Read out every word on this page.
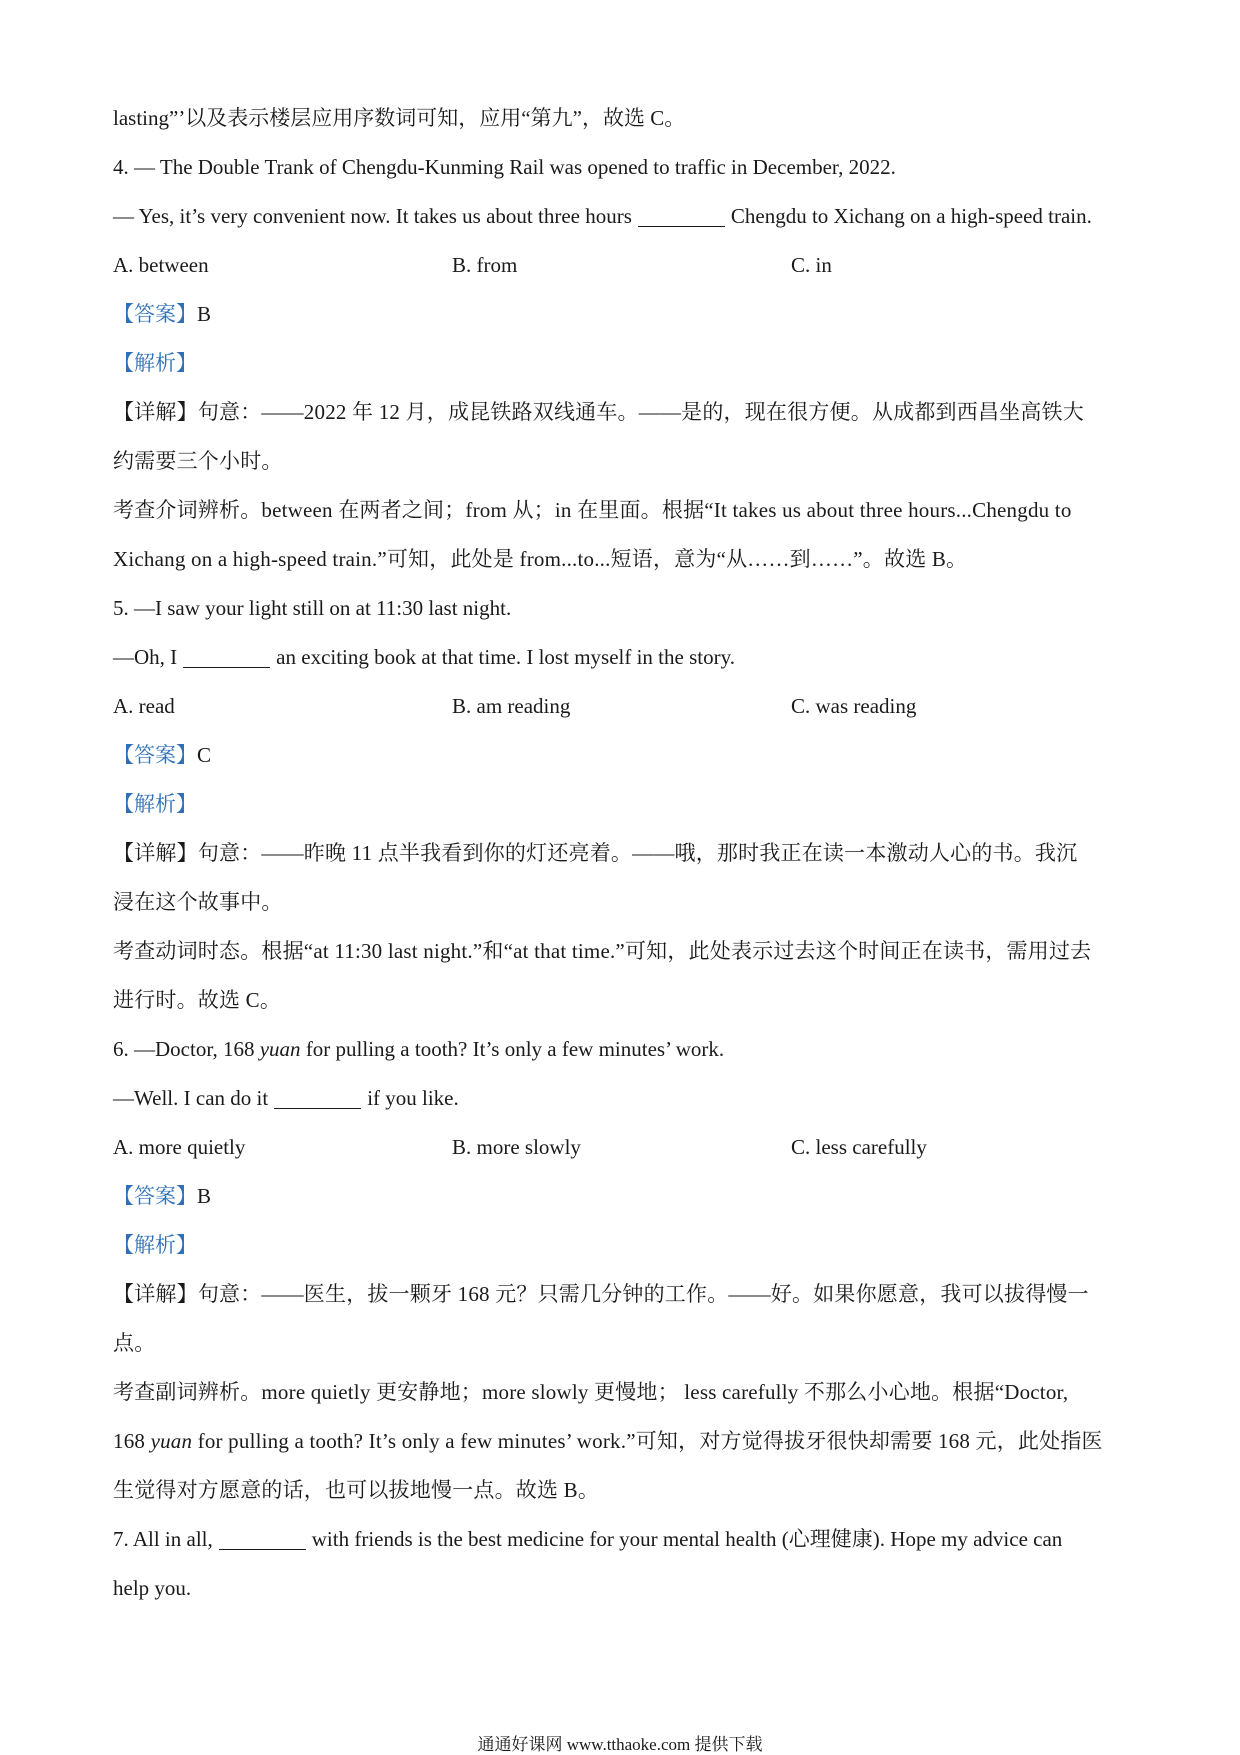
lasting”’以及表示楼层应用序数词可知，应用“第九”，故选 C。
4. — The Double Trank of Chengdu-Kunming Rail was opened to traffic in December, 2022.
— Yes, it’s very convenient now. It takes us about three hours	Chengdu to Xichang on a high-speed train.
A. between	B. from	C. in
【答案】B
【解析】
【详解】句意：——2022 年 12 月，成昆铁路双线通车。——是的，现在很方便。从成都到西昌坐高铁大
约需要三个小时。
考查介词辨析。between 在两者之间；from 从；in 在里面。根据“It takes us about three hours...Chengdu to
Xichang on a high-speed train.”可知，此处是 from...to...短语，意为“从……到……”。故选 B。
5. —I saw your light still on at 11:30 last night.
—Oh, I	an exciting book at that time. I lost myself in the story.
A. read	B. am reading	C. was reading
【答案】C
【解析】
【详解】句意：——昨晚 11 点半我看到你的灯还亮着。——哦，那时我正在读一本激动人心的书。我沉
浸在这个故事中。
考查动词时态。根据“at 11:30 last night.”和“at that time.”可知，此处表示过去这个时间正在读书，需用过去
进行时。故选 C。
6. —Doctor, 168 yuan for pulling a tooth? It’s only a few minutes’ work.
—Well. I can do it	if you like.
A. more quietly	B. more slowly	C. less carefully
【答案】B
【解析】
【详解】句意：——医生，拔一颗牙 168 元？只需几分钟的工作。——好。如果你愿意，我可以拔得慢一
点。
考查副词辨析。more quietly 更安静地；more slowly 更慢地； less carefully 不那么小心地。根据“Doctor,
168 yuan for pulling a tooth? It’s only a few minutes’ work.”可知，对方觉得拔牙很快却需要 168 元，此处指医
生觉得对方愿意的话，也可以拔地慢一点。故选 B。
7. All in all,	with friends is the best medicine for your mental health (心理健康). Hope my advice can
help you.
通通好课网 www.tthaoke.com 提供下载
